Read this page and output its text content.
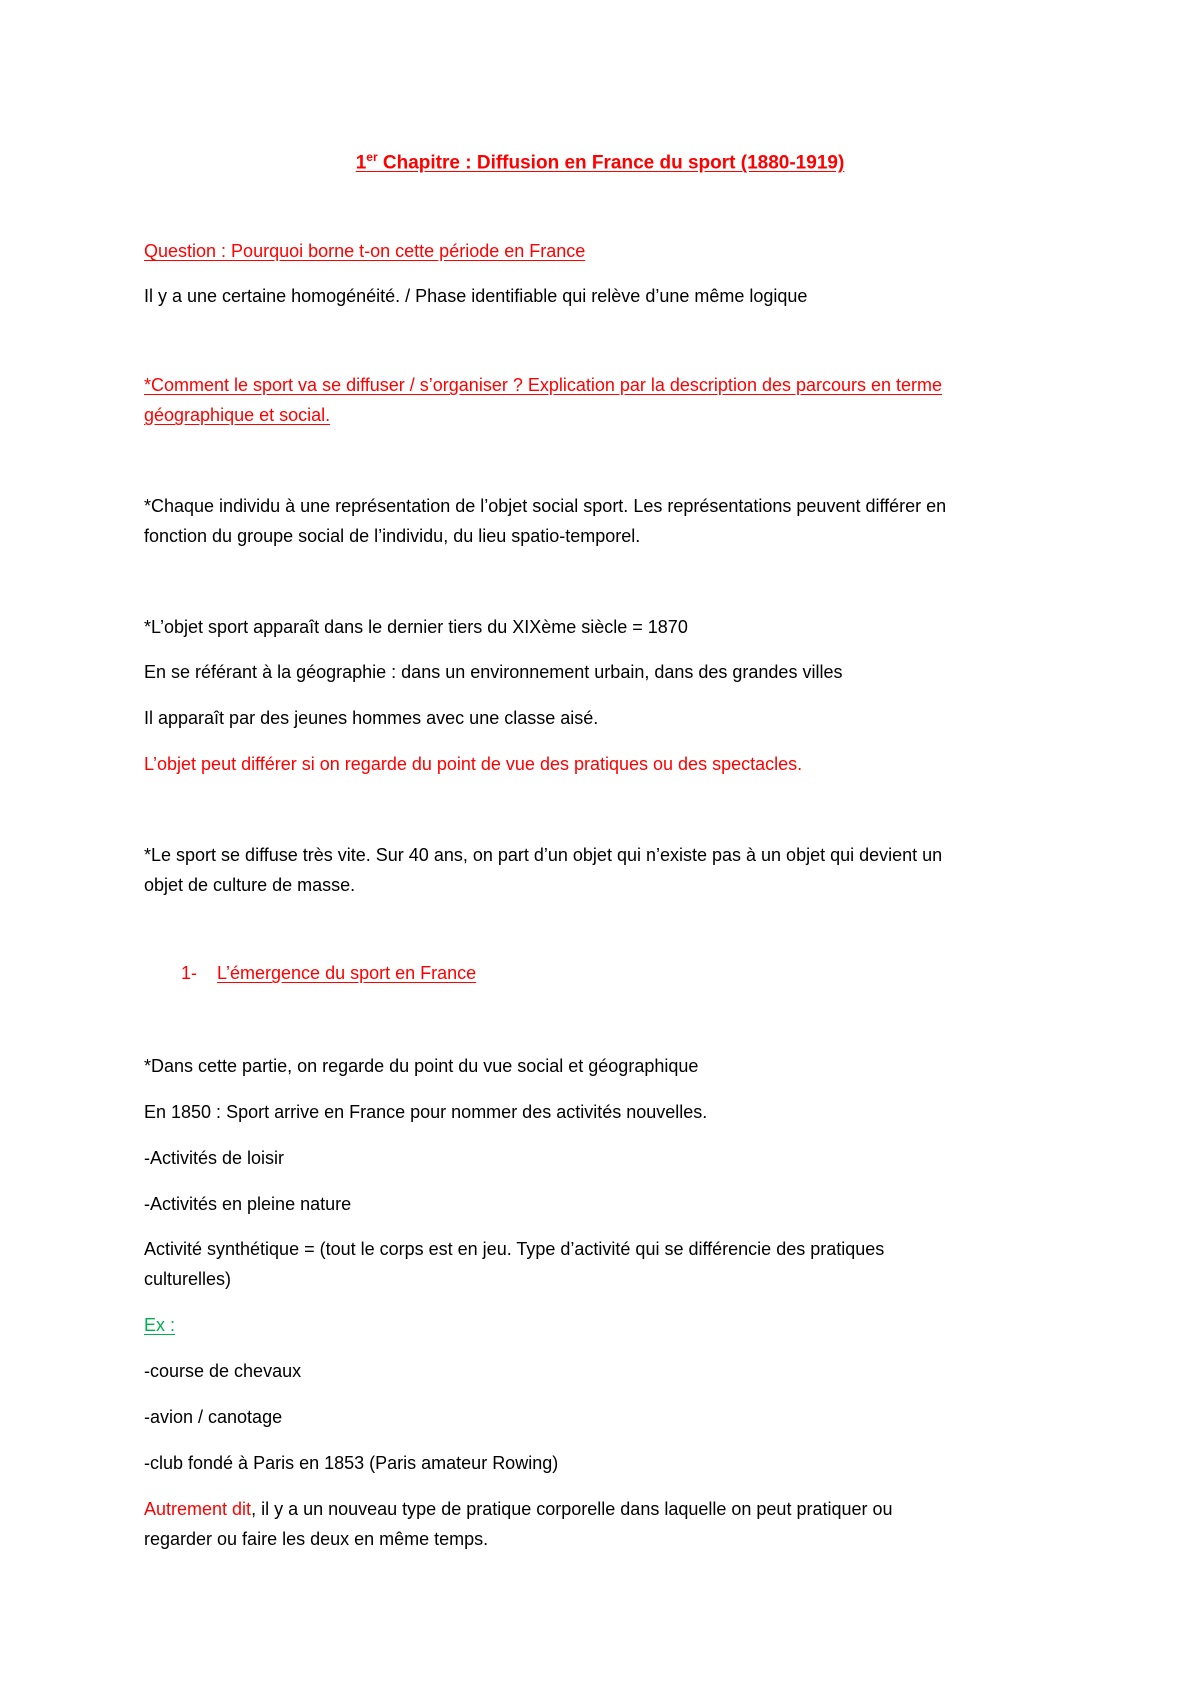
1er Chapitre : Diffusion en France du sport (1880-1919)
Question : Pourquoi borne t-on cette période en France
Il y a une certaine homogénéité. / Phase identifiable qui relève d’une même logique
*Comment le sport va se diffuser / s’organiser ? Explication par la description des parcours en terme
géographique et social.
*Chaque individu à une représentation de l’objet social sport. Les représentations peuvent différer en
fonction du groupe social de l’individu, du lieu spatio-temporel.
*L’objet sport apparaît dans le dernier tiers du XIXème siècle = 1870
En se référant à la géographie : dans un environnement urbain, dans des grandes villes
Il apparaît par des jeunes hommes avec une classe aisé.
L’objet peut différer si on regarde du point de vue des pratiques ou des spectacles.
*Le sport se diffuse très vite. Sur 40 ans, on part d’un objet qui n’existe pas à un objet qui devient un
objet de culture de masse.
1- L’émergence du sport en France
*Dans cette partie, on regarde du point du vue social et géographique
En 1850 : Sport arrive en France pour nommer des activités nouvelles.
-Activités de loisir
-Activités en pleine nature
Activité synthétique = (tout le corps est en jeu. Type d’activité qui se différencie des pratiques
culturelles)
Ex :
-course de chevaux
-avion / canotage
-club fondé à Paris en 1853 (Paris amateur Rowing)
Autrement dit, il y a un nouveau type de pratique corporelle dans laquelle on peut pratiquer ou
regarder ou faire les deux en même temps.
